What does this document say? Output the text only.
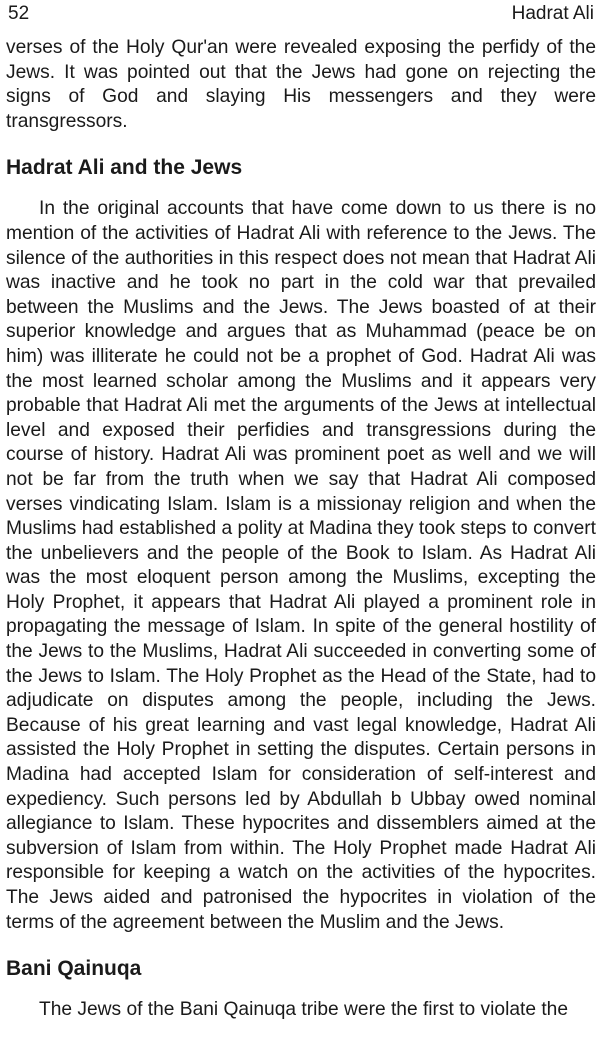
52	Hadrat Ali

verses of the Holy Qur'an were revealed exposing the perfidy of the Jews. It was pointed out that the Jews had gone on rejecting the signs of God and slaying His messengers and they were transgressors.

Hadrat Ali and the Jews

In the original accounts that have come down to us there is no mention of the activities of Hadrat Ali with reference to the Jews. The silence of the authorities in this respect does not mean that Hadrat Ali was inactive and he took no part in the cold war that prevailed between the Muslims and the Jews. The Jews boasted of at their superior knowledge and argues that as Muhammad (peace be on him) was illiterate he could not be a prophet of God. Hadrat Ali was the most learned scholar among the Muslims and it appears very probable that Hadrat Ali met the arguments of the Jews at intellectual level and exposed their perfidies and transgressions during the course of history. Hadrat Ali was prominent poet as well and we will not be far from the truth when we say that Hadrat Ali composed verses vindicating Islam. Islam is a missionay religion and when the Muslims had established a polity at Madina they took steps to convert the unbelievers and the people of the Book to Islam. As Hadrat Ali was the most eloquent person among the Muslims, excepting the Holy Prophet, it appears that Hadrat Ali played a prominent role in propagating the message of Islam. In spite of the general hostility of the Jews to the Muslims, Hadrat Ali succeeded in converting some of the Jews to Islam. The Holy Prophet as the Head of the State, had to adjudicate on disputes among the people, including the Jews. Because of his great learning and vast legal knowledge, Hadrat Ali assisted the Holy Prophet in setting the disputes. Certain persons in Madina had accepted Islam for consideration of self-interest and expediency. Such persons led by Abdullah b Ubbay owed nominal allegiance to Islam. These hypocrites and dissemblers aimed at the subversion of Islam from within. The Holy Prophet made Hadrat Ali responsible for keeping a watch on the activities of the hypocrites. The Jews aided and patronised the hypocrites in violation of the terms of the agreement between the Muslim and the Jews.

Bani Qainuqa

The Jews of the Bani Qainuqa tribe were the first to violate the
